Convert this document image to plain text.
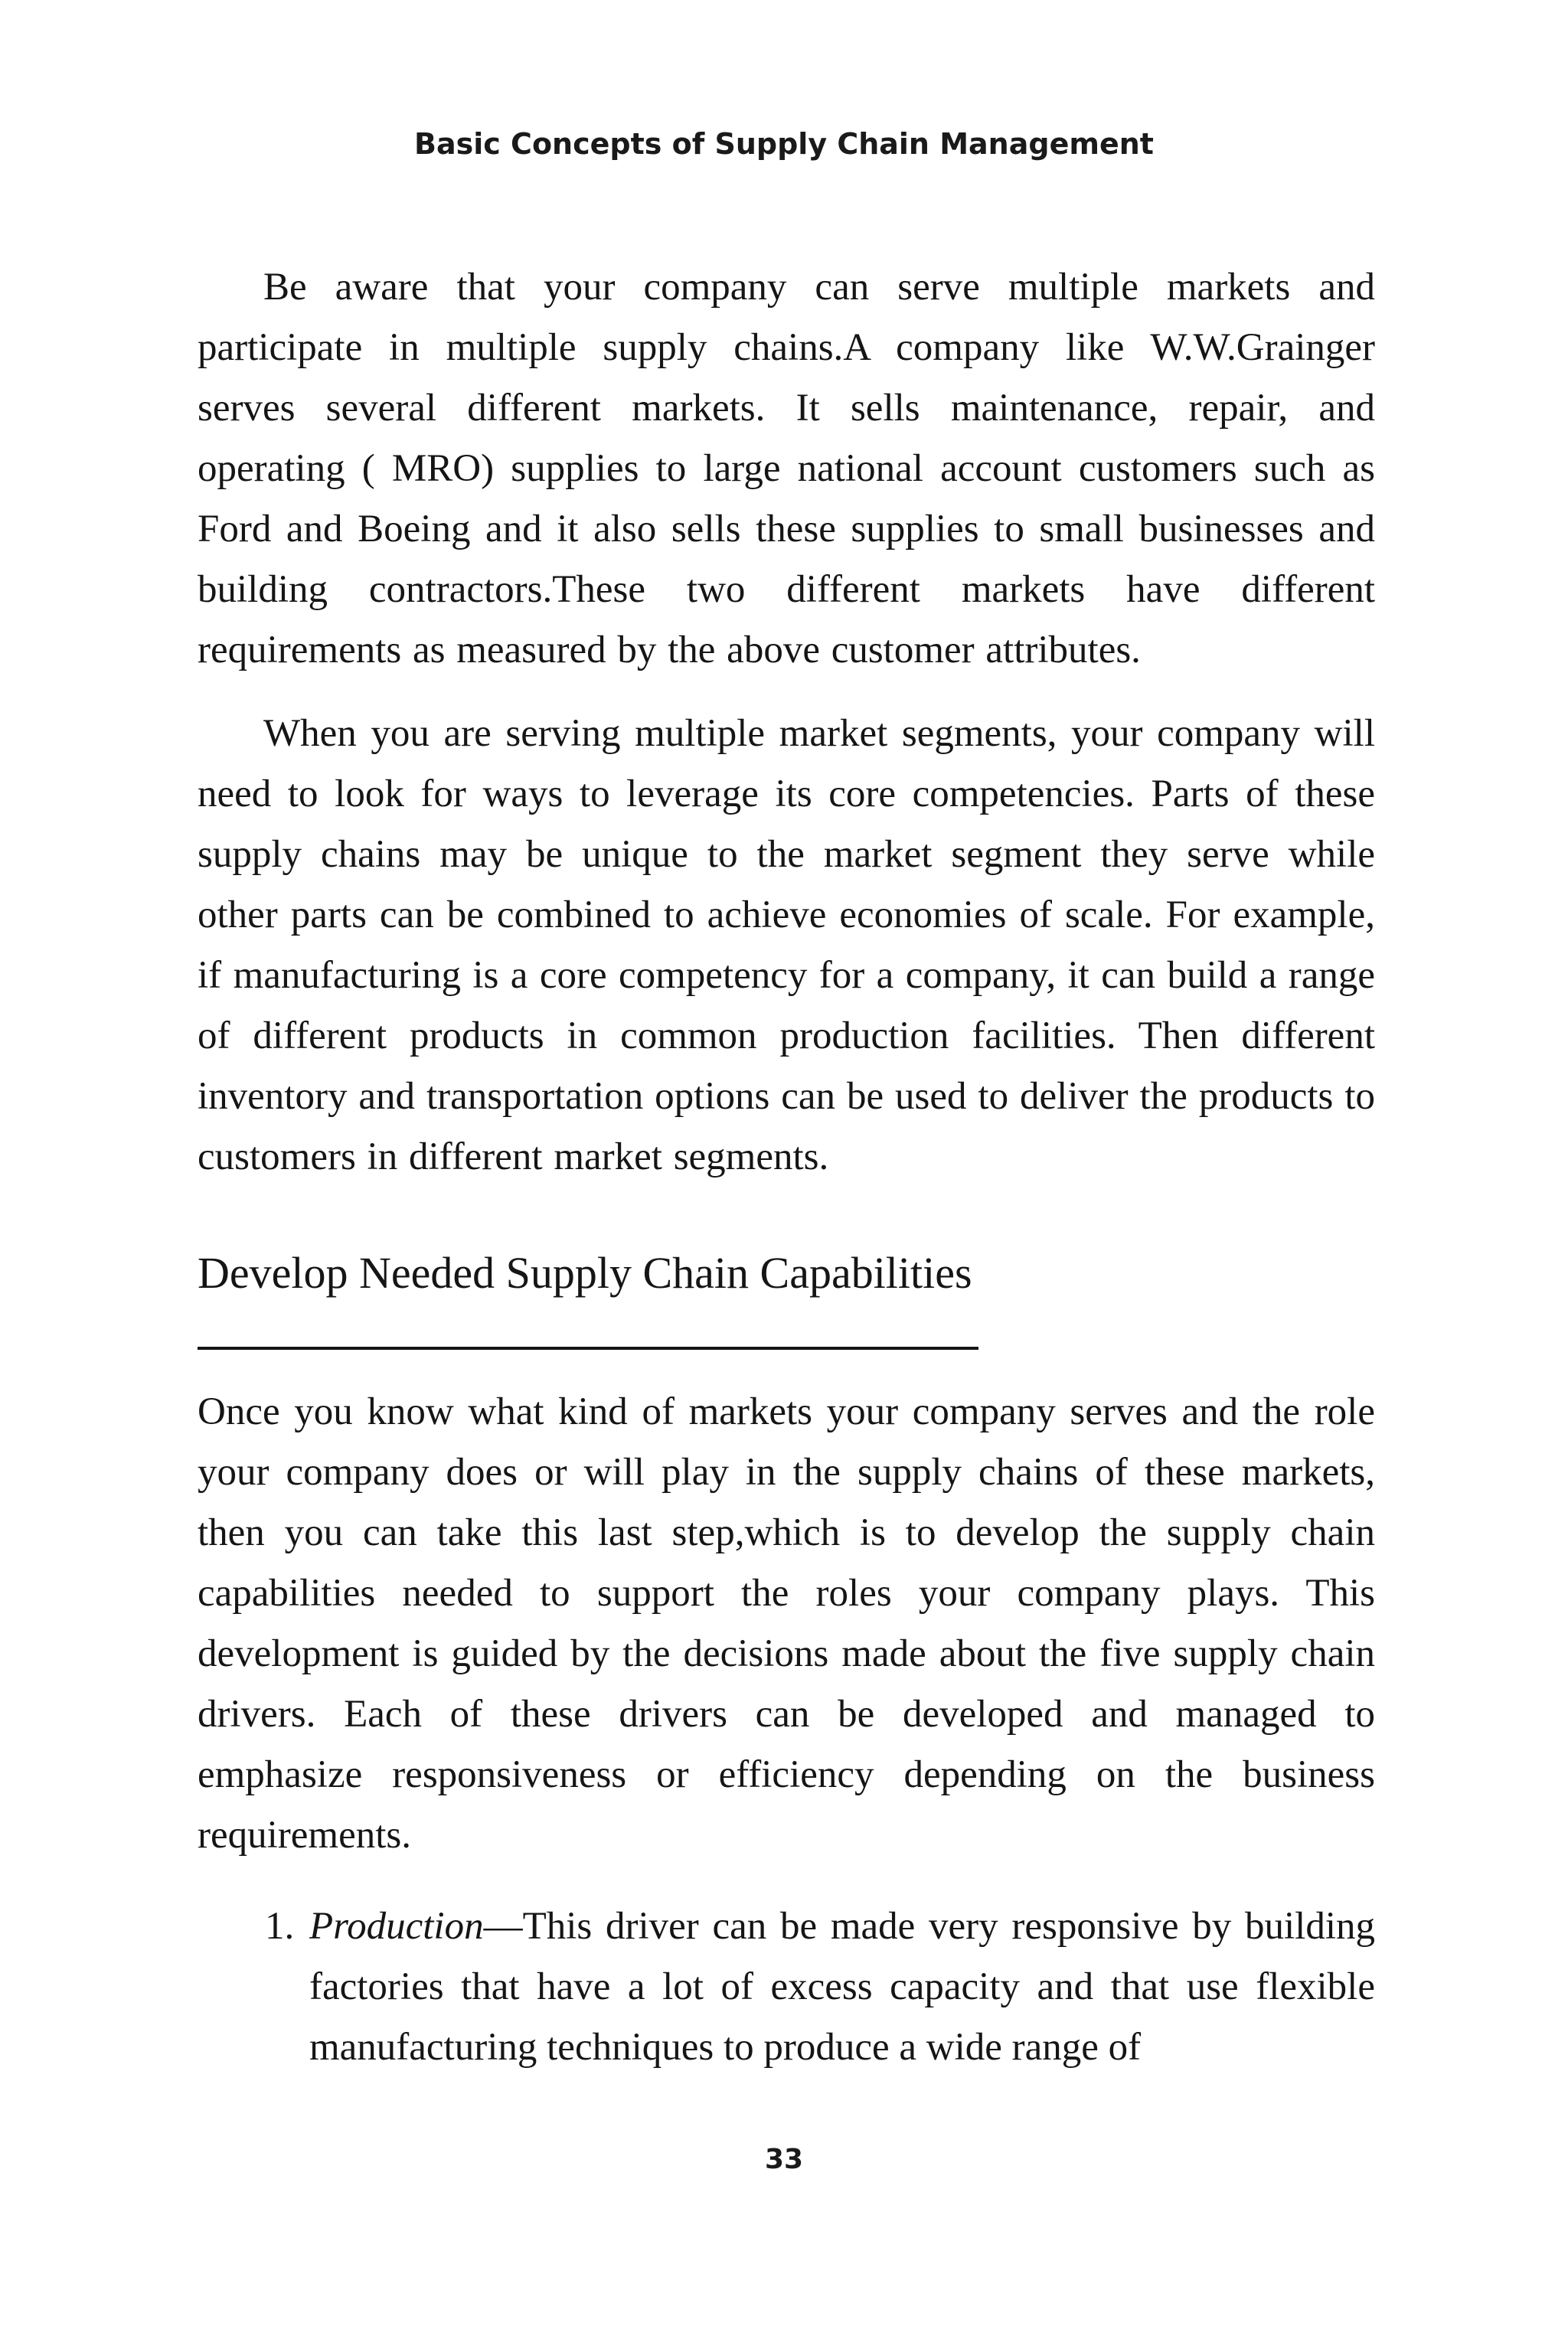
Basic Concepts of Supply Chain Management

Be aware that your company can serve multiple markets and participate in multiple supply chains.A company like W.W.Grainger serves several different markets. It sells maintenance, repair, and operating ( MRO) supplies to large national account customers such as Ford and Boeing and it also sells these supplies to small businesses and building contractors.These two different markets have different requirements as measured by the above customer attributes.

When you are serving multiple market segments, your company will need to look for ways to leverage its core competencies. Parts of these supply chains may be unique to the market segment they serve while other parts can be combined to achieve economies of scale. For example, if manufacturing is a core competency for a company, it can build a range of different products in common production facilities. Then different inventory and transportation options can be used to deliver the products to customers in different market segments.

Develop Needed Supply Chain Capabilities

Once you know what kind of markets your company serves and the role your company does or will play in the supply chains of these markets, then you can take this last step,which is to develop the supply chain capabilities needed to support the roles your company plays. This development is guided by the decisions made about the five supply chain drivers. Each of these drivers can be developed and managed to emphasize responsiveness or efficiency depending on the business requirements.

1. Production—This driver can be made very responsive by building factories that have a lot of excess capacity and that use flexible manufacturing techniques to produce a wide range of
33
